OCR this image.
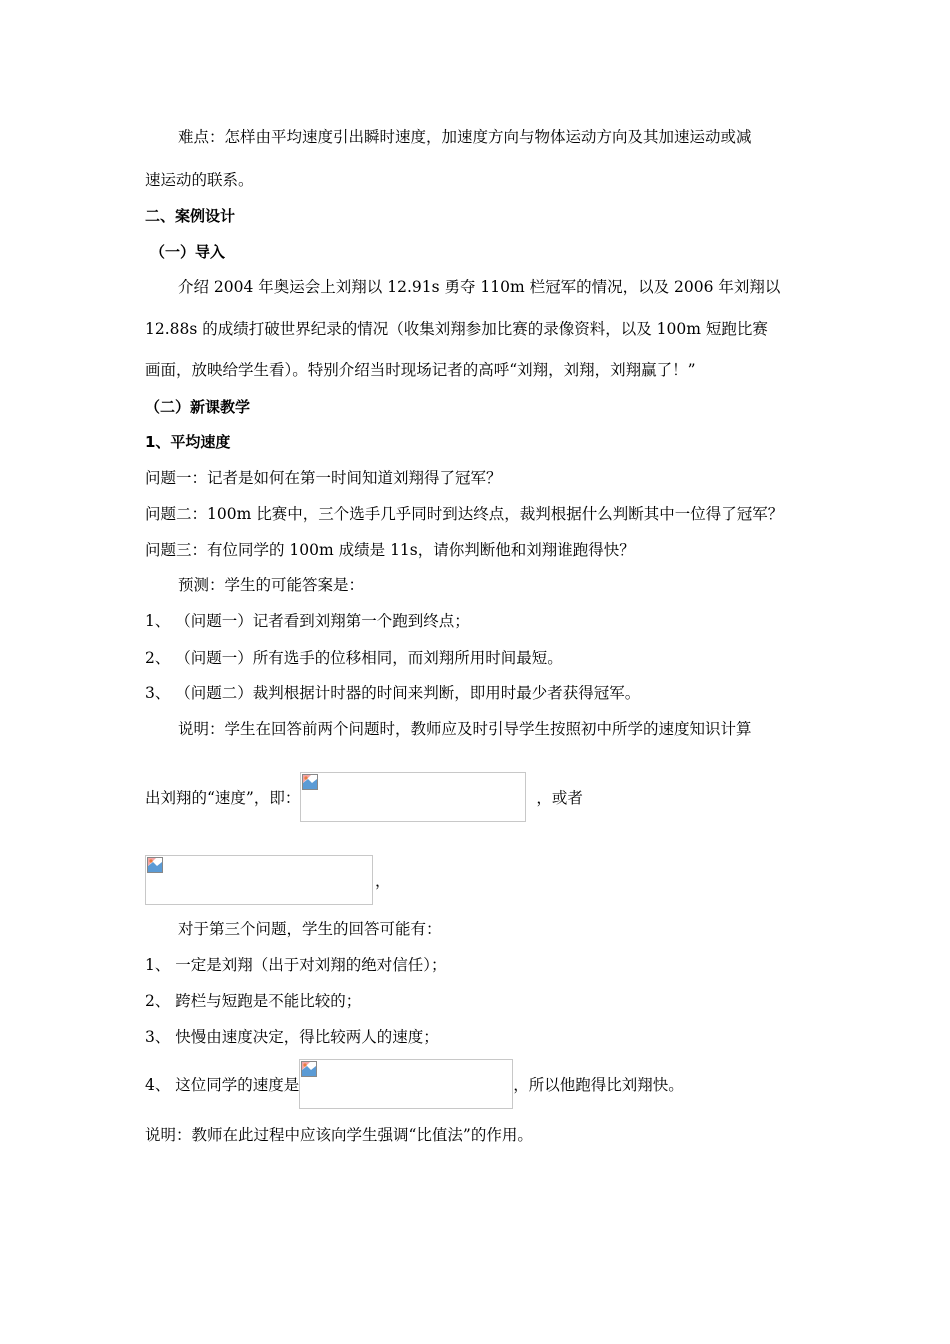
难点：怎样由平均速度引出瞬时速度，加速度方向与物体运动方向及其加速运动或减
速运动的联系。
二、案例设计
（一）导入
介绍 2004 年奥运会上刘翔以 12.91s 勇夺 110m 栏冠军的情况，以及 2006 年刘翔以
12.88s 的成绩打破世界纪录的情况（收集刘翔参加比赛的录像资料，以及 100m 短跑比赛
画面，放映给学生看）。特别介绍当时现场记者的高呼“刘翔，刘翔，刘翔赢了！”
（二）新课教学
1、平均速度
问题一：记者是如何在第一时间知道刘翔得了冠军？
问题二：100m 比赛中，三个选手几乎同时到达终点，裁判根据什么判断其中一位得了冠军？
问题三：有位同学的 100m 成绩是 11s，请你判断他和刘翔谁跑得快？
预测：学生的可能答案是：
1、 （问题一）记者看到刘翔第一个跑到终点；
2、 （问题一）所有选手的位移相同，而刘翔所用时间最短。
3、 （问题二）裁判根据计时器的时间来判断，即用时最少者获得冠军。
说明：学生在回答前两个问题时，教师应及时引导学生按照初中所学的速度知识计算
出刘翔的“速度”，即：	，或者
，
对于第三个问题，学生的回答可能有：
1、 一定是刘翔（出于对刘翔的绝对信任）；
2、 跨栏与短跑是不能比较的；
3、 快慢由速度决定，得比较两人的速度；
4、 这位同学的速度是	，所以他跑得比刘翔快。
说明：教师在此过程中应该向学生强调“比值法”的作用。
